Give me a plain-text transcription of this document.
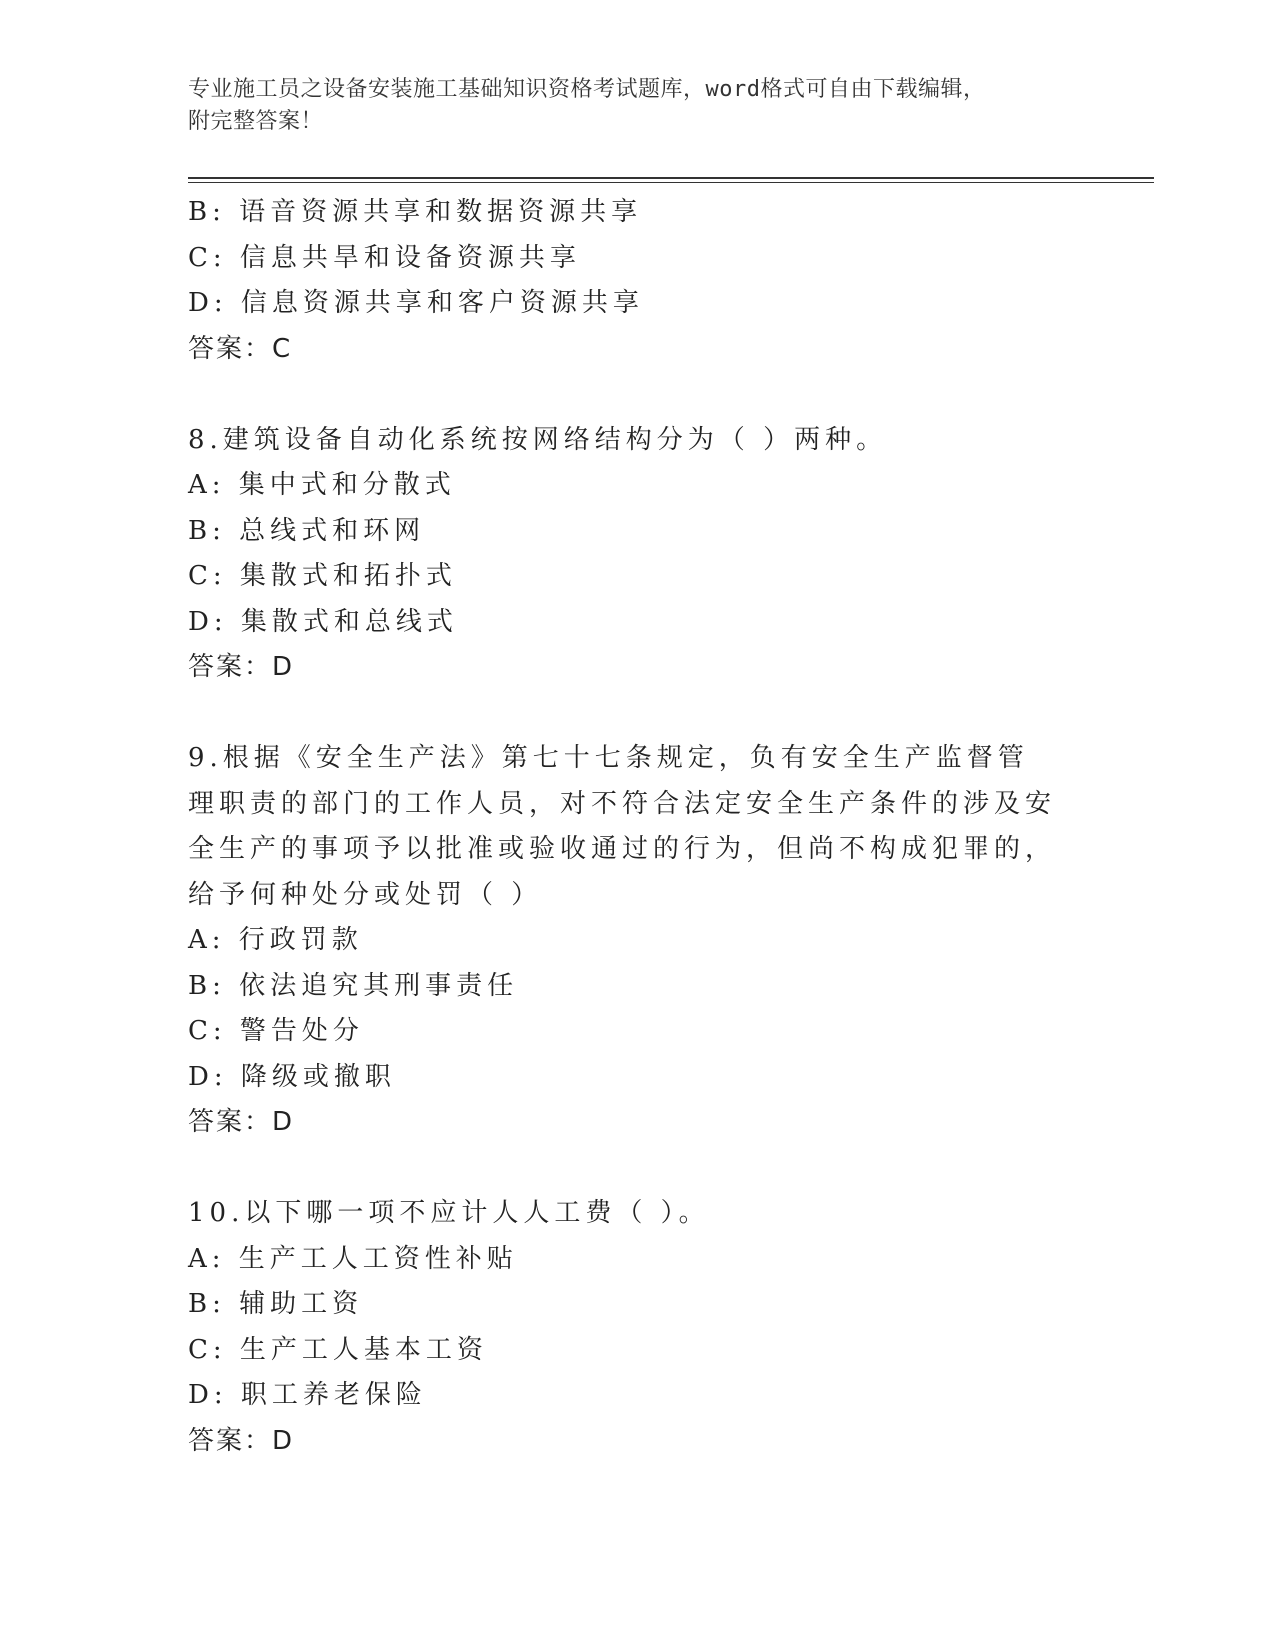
专业施工员之设备安装施工基础知识资格考试题库，word格式可自由下载编辑，
附完整答案！
B: 语音资源共享和数据资源共享
C: 信息共旱和设备资源共享
D: 信息资源共享和客户资源共享
答案：C
8.建筑设备自动化系统按网络结构分为（ ）两种。
A: 集中式和分散式
B: 总线式和环网
C: 集散式和拓扑式
D: 集散式和总线式
答案：D
9.根据《安全生产法》第七十七条规定，负有安全生产监督管理职责的部门的工作人员，对不符合法定安全生产条件的涉及安全生产的事项予以批准或验收通过的行为，但尚不构成犯罪的，给予何种处分或处罚（ ）
A: 行政罚款
B: 依法追究其刑事责任
C: 警告处分
D: 降级或撤职
答案：D
10.以下哪一项不应计人人工费（ ）。
A: 生产工人工资性补贴
B: 辅助工资
C: 生产工人基本工资
D: 职工养老保险
答案：D
